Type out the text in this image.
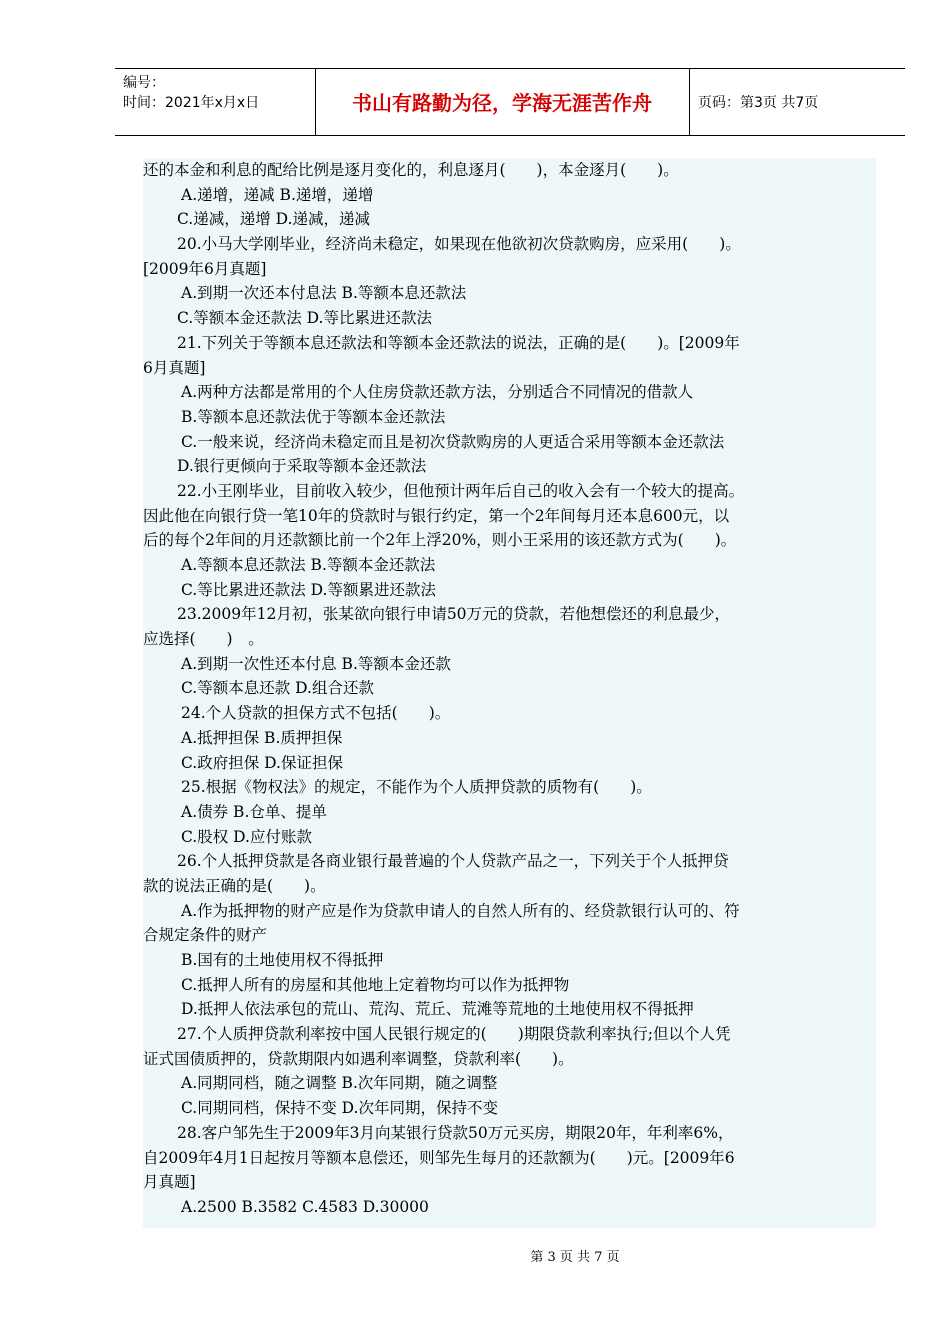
编号：
时间：2021年x月x日	书山有路勤为径，学海无涯苦作舟	页码：第3页 共7页
还的本金和利息的配给比例是逐月变化的，利息逐月(　　)，本金逐月(　　)。
A.递增，递减 B.递增，递增
C.递减，递增 D.递减，递减
20.小马大学刚毕业，经济尚未稳定，如果现在他欲初次贷款购房，应采用(　　)。
[2009年6月真题]
A.到期一次还本付息法 B.等额本息还款法
C.等额本金还款法 D.等比累进还款法
21.下列关于等额本息还款法和等额本金还款法的说法，正确的是(　　)。[2009年
6月真题]
A.两种方法都是常用的个人住房贷款还款方法，分别适合不同情况的借款人
B.等额本息还款法优于等额本金还款法
C.一般来说，经济尚未稳定而且是初次贷款购房的人更适合采用等额本金还款法
D.银行更倾向于采取等额本金还款法
22.小王刚毕业，目前收入较少，但他预计两年后自己的收入会有一个较大的提高。
因此他在向银行贷一笔10年的贷款时与银行约定，第一个2年间每月还本息600元，以
后的每个2年间的月还款额比前一个2年上浮20%，则小王采用的该还款方式为(　　)。
A.等额本息还款法 B.等额本金还款法
C.等比累进还款法 D.等额累进还款法
23.2009年12月初，张某欲向银行申请50万元的贷款，若他想偿还的利息最少，
应选择(　　)　。
A.到期一次性还本付息 B.等额本金还款
C.等额本息还款 D.组合还款
24.个人贷款的担保方式不包括(　　)。
A.抵押担保 B.质押担保
C.政府担保 D.保证担保
25.根据《物权法》的规定，不能作为个人质押贷款的质物有(　　)。
A.债券 B.仓单、提单
C.股权 D.应付账款
26.个人抵押贷款是各商业银行最普遍的个人贷款产品之一，下列关于个人抵押贷
款的说法正确的是(　　)。
A.作为抵押物的财产应是作为贷款申请人的自然人所有的、经贷款银行认可的、符
合规定条件的财产
B.国有的土地使用权不得抵押
C.抵押人所有的房屋和其他地上定着物均可以作为抵押物
D.抵押人依法承包的荒山、荒沟、荒丘、荒滩等荒地的土地使用权不得抵押
27.个人质押贷款利率按中国人民银行规定的(　　)期限贷款利率执行;但以个人凭
证式国债质押的，贷款期限内如遇利率调整，贷款利率(　　)。
A.同期同档，随之调整 B.次年同期，随之调整
C.同期同档，保持不变 D.次年同期，保持不变
28.客户邹先生于2009年3月向某银行贷款50万元买房，期限20年，年利率6%，
自2009年4月1日起按月等额本息偿还，则邹先生每月的还款额为(　　)元。[2009年6
月真题]
A.2500 B.3582 C.4583 D.30000
第 3 页 共 7 页
